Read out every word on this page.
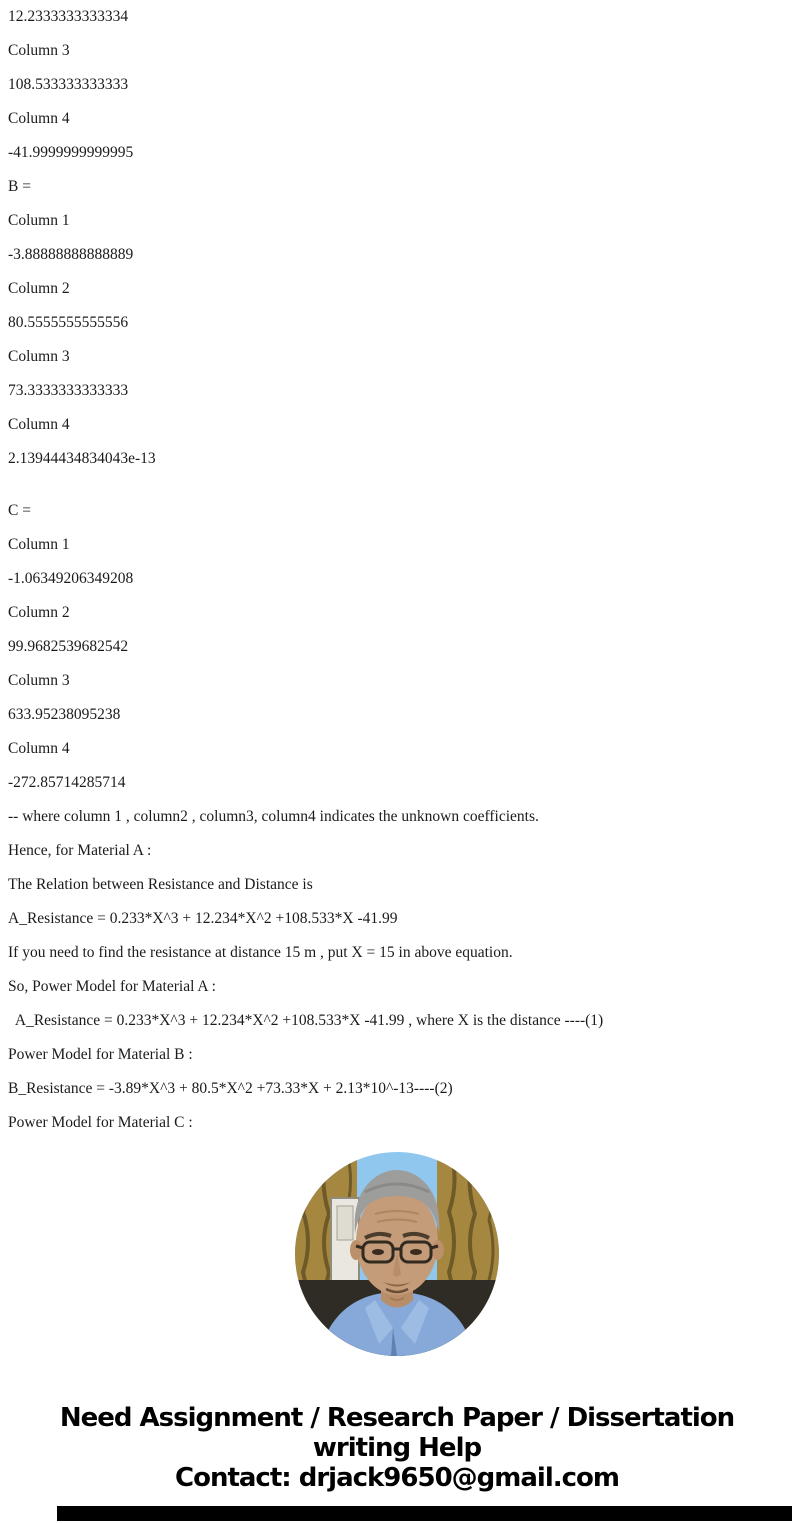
12.2333333333334

Column 3

108.533333333333

Column 4

-41.9999999999995

B =

Column 1

-3.88888888888889

Column 2

80.5555555555556

Column 3

73.3333333333333

Column 4

2.13944434834043e-13

C =

Column 1

-1.06349206349208

Column 2

99.9682539682542

Column 3

633.95238095238

Column 4

-272.85714285714

-- where column 1 , column2 , column3, column4 indicates the unknown coefficients.

Hence, for Material A :

The Relation between Resistance and Distance is

A_Resistance = 0.233*X^3 + 12.234*X^2 +108.533*X -41.99

If you need to find the resistance at distance 15 m , put X = 15 in above equation.

So, Power Model for Material A :

A_Resistance = 0.233*X^3 + 12.234*X^2 +108.533*X -41.99 , where X is the distance ----(1)

Power Model for Material B :

B_Resistance = -3.89*X^3 + 80.5*X^2 +73.33*X + 2.13*10^-13----(2)

Power Model for Material C :

Need Assignment / Research Paper / Dissertation
writing Help
Contact: drjack9650@gmail.com
